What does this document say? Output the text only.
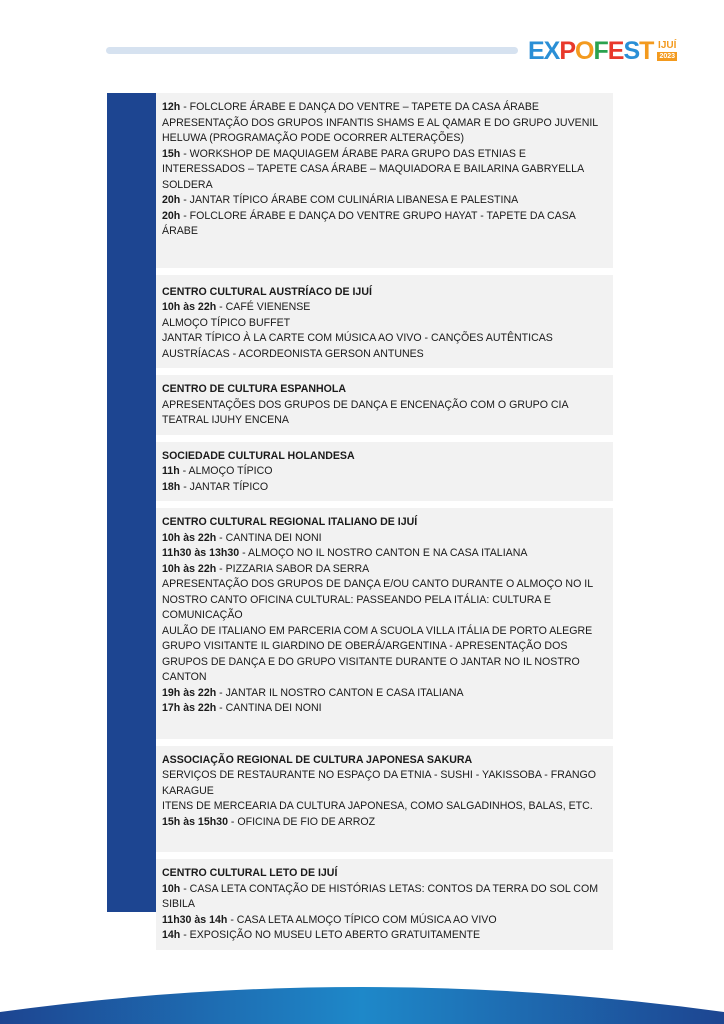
EXPOFEST IJUÍ
2023
12h - FOLCLORE ÁRABE E DANÇA DO VENTRE – TAPETE DA CASA ÁRABE
APRESENTAÇÃO DOS GRUPOS INFANTIS SHAMS E AL QAMAR E DO GRUPO JUVENIL HELUWA (PROGRAMAÇÃO PODE OCORRER ALTERAÇÕES)
15h - WORKSHOP DE MAQUIAGEM ÁRABE PARA GRUPO DAS ETNIAS E INTERESSADOS – TAPETE CASA ÁRABE – MAQUIADORA E BAILARINA GABRYELLA SOLDERA
20h - JANTAR TÍPICO ÁRABE COM CULINÁRIA LIBANESA E PALESTINA
20h - FOLCLORE ÁRABE E DANÇA DO VENTRE GRUPO HAYAT - TAPETE DA CASA ÁRABE
CENTRO CULTURAL AUSTRÍACO DE IJUÍ
10h às 22h - CAFÉ VIENENSE
ALMOÇO TÍPICO BUFFET
JANTAR TÍPICO À LA CARTE COM MÚSICA AO VIVO - CANÇÕES AUTÊNTICAS AUSTRÍACAS - ACORDEONISTA GERSON ANTUNES
CENTRO DE CULTURA ESPANHOLA
APRESENTAÇÕES DOS GRUPOS DE DANÇA E ENCENAÇÃO COM O GRUPO CIA TEATRAL IJUHY ENCENA
SOCIEDADE CULTURAL HOLANDESA
11h - ALMOÇO TÍPICO
18h - JANTAR TÍPICO
CENTRO CULTURAL REGIONAL ITALIANO DE IJUÍ
10h às 22h - CANTINA DEI NONI
11h30 às 13h30 - ALMOÇO NO IL NOSTRO CANTON E NA CASA ITALIANA
10h às 22h - PIZZARIA SABOR DA SERRA
APRESENTAÇÃO DOS GRUPOS DE DANÇA E/OU CANTO DURANTE O ALMOÇO NO IL NOSTRO CANTO OFICINA CULTURAL: PASSEANDO PELA ITÁLIA: CULTURA E COMUNICAÇÃO
AULÃO DE ITALIANO EM PARCERIA COM A SCUOLA VILLA ITÁLIA DE PORTO ALEGRE GRUPO VISITANTE IL GIARDINO DE OBERÁ/ARGENTINA - APRESENTAÇÃO DOS GRUPOS DE DANÇA E DO GRUPO VISITANTE DURANTE O JANTAR NO IL NOSTRO CANTON
19h às 22h - JANTAR IL NOSTRO CANTON E CASA ITALIANA
17h às 22h - CANTINA DEI NONI
ASSOCIAÇÃO REGIONAL DE CULTURA JAPONESA SAKURA
SERVIÇOS DE RESTAURANTE NO ESPAÇO DA ETNIA - SUSHI - YAKISSOBA - FRANGO KARAGUE
ITENS DE MERCEARIA DA CULTURA JAPONESA, COMO SALGADINHOS, BALAS, ETC.
15h às 15h30 - OFICINA DE FIO DE ARROZ
CENTRO CULTURAL LETO DE IJUÍ
10h - CASA LETA CONTAÇÃO DE HISTÓRIAS LETAS: CONTOS DA TERRA DO SOL COM SIBILA
11h30 às 14h - CASA LETA ALMOÇO TÍPICO COM MÚSICA AO VIVO
14h - EXPOSIÇÃO NO MUSEU LETO ABERTO GRATUITAMENTE
